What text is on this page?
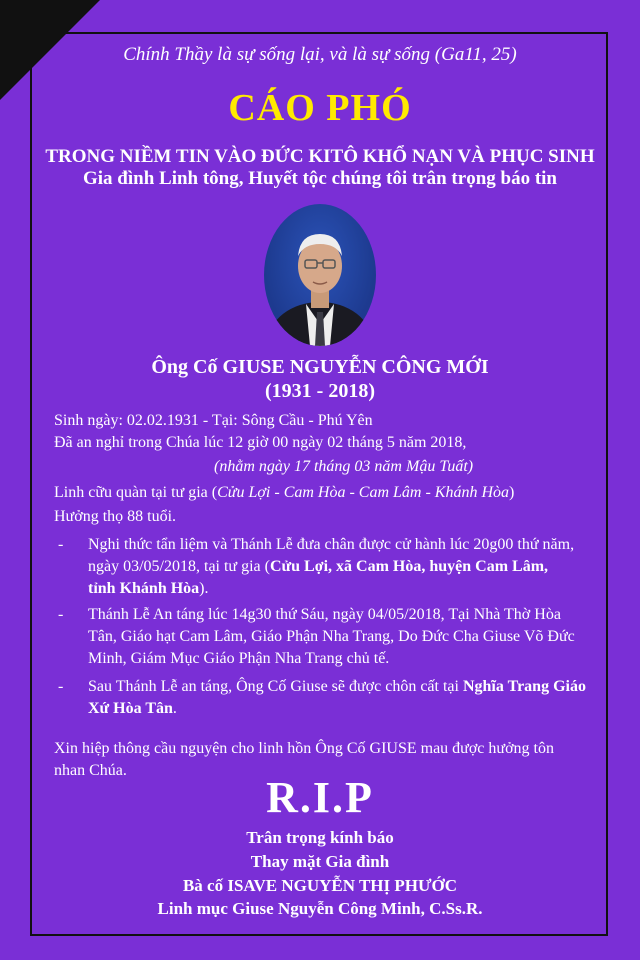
Chính Thầy là sự sống lại, và là sự sống (Ga11, 25)
CÁO PHÓ
TRONG NIỀM TIN VÀO ĐỨC KITÔ KHỔ NẠN VÀ PHỤC SINH
Gia đình Linh tông, Huyết tộc chúng tôi trân trọng báo tin
Ông Cố GIUSE NGUYỄN CÔNG MỚI
(1931 - 2018)
Sinh ngày: 02.02.1931 - Tại: Sông Cầu - Phú Yên
Đã an nghỉ trong Chúa lúc 12 giờ 00 ngày 02 tháng 5 năm 2018,
(nhằm ngày 17 tháng 03 năm Mậu Tuất)
Linh cữu quàn tại tư gia (Cửu Lợi - Cam Hòa - Cam Lâm - Khánh Hòa)
Hưởng thọ 88 tuổi.
- Nghi thức tẩn liệm và Thánh Lễ đưa chân được cử hành lúc 20g00 thứ năm, ngày 03/05/2018, tại tư gia (Cửu Lợi, xã Cam Hòa, huyện Cam Lâm, tỉnh Khánh Hòa).
- Thánh Lễ An táng lúc 14g30 thứ Sáu, ngày 04/05/2018, Tại Nhà Thờ Hòa Tân, Giáo hạt Cam Lâm, Giáo Phận Nha Trang, Do Đức Cha Giuse Võ Đức Minh, Giám Mục Giáo Phận Nha Trang chủ tế.
- Sau Thánh Lễ an táng, Ông Cố Giuse sẽ được chôn cất tại Nghĩa Trang Giáo Xứ Hòa Tân.
Xin hiệp thông cầu nguyện cho linh hồn Ông Cố GIUSE mau được hưởng tôn nhan Chúa.
R.I.P
Trân trọng kính báo
Thay mặt Gia đình
Bà cố ISAVE NGUYỄN THỊ PHƯỚC
Linh mục Giuse Nguyễn Công Minh, C.Ss.R.
